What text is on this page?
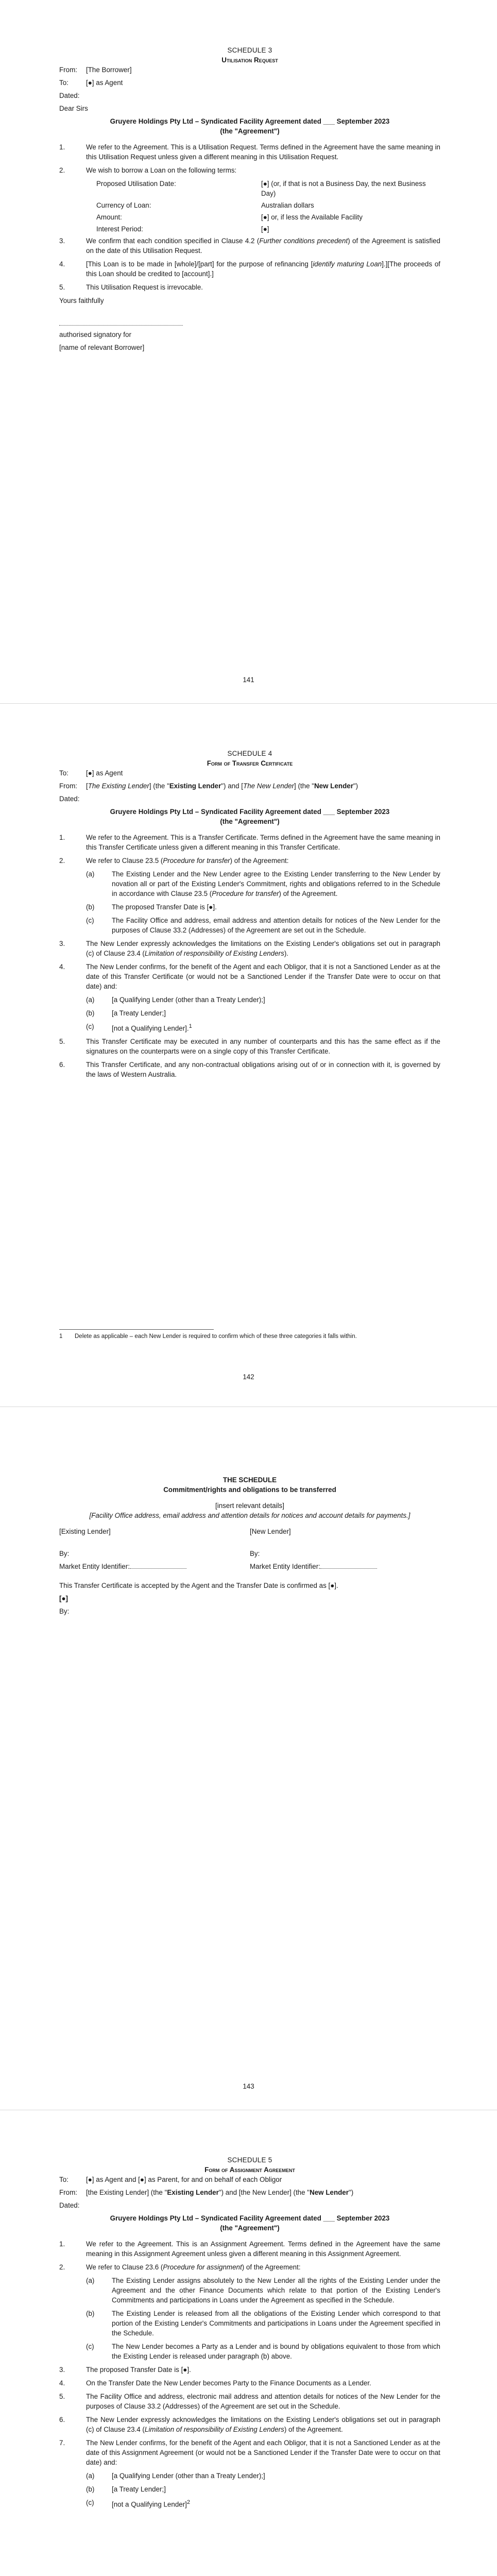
SCHEDULE 3
Utilisation Request
From: [The Borrower]
To:	[●] as Agent
Dated:
Dear Sirs
Gruyere Holdings Pty Ltd – Syndicated Facility Agreement dated ___ September 2023
(the "Agreement")
1.	We refer to the Agreement. This is a Utilisation Request. Terms defined in the Agreement have the same meaning in this Utilisation Request unless given a different meaning in this Utilisation Request.
2.	We wish to borrow a Loan on the following terms:
Proposed Utilisation Date:	[●] (or, if that is not a Business Day, the next Business Day)
Currency of Loan:	Australian dollars
Amount:	[●] or, if less the Available Facility
Interest Period:	[●]
3.	We confirm that each condition specified in Clause 4.2 (Further conditions precedent) of the Agreement is satisfied on the date of this Utilisation Request.
4.	[This Loan is to be made in [whole]/[part] for the purpose of refinancing [identify maturing Loan].][The proceeds of this Loan should be credited to [account].]
5.	This Utilisation Request is irrevocable.
Yours faithfully
authorised signatory for
[name of relevant Borrower]
141
SCHEDULE 4
Form of Transfer Certificate
To:	[●] as Agent
From: [The Existing Lender] (the "Existing Lender") and [The New Lender] (the "New Lender")
Dated:
Gruyere Holdings Pty Ltd – Syndicated Facility Agreement dated ___ September 2023
(the "Agreement")
1.	We refer to the Agreement. This is a Transfer Certificate. Terms defined in the Agreement have the same meaning in this Transfer Certificate unless given a different meaning in this Transfer Certificate.
2.	We refer to Clause 23.5 (Procedure for transfer) of the Agreement:
(a)	The Existing Lender and the New Lender agree to the Existing Lender transferring to the New Lender by novation all or part of the Existing Lender's Commitment, rights and obligations referred to in the Schedule in accordance with Clause 23.5 (Procedure for transfer) of the Agreement.
(b)	The proposed Transfer Date is [●].
(c)	The Facility Office and address, email address and attention details for notices of the New Lender for the purposes of Clause 33.2 (Addresses) of the Agreement are set out in the Schedule.
3.	The New Lender expressly acknowledges the limitations on the Existing Lender's obligations set out in paragraph (c) of Clause 23.4 (Limitation of responsibility of Existing Lenders).
4.	The New Lender confirms, for the benefit of the Agent and each Obligor, that it is not a Sanctioned Lender as at the date of this Transfer Certificate (or would not be a Sanctioned Lender if the Transfer Date were to occur on that date) and:
(a)	[a Qualifying Lender (other than a Treaty Lender);]
(b)	[a Treaty Lender;]
(c)	[not a Qualifying Lender].$^1$
5.	This Transfer Certificate may be executed in any number of counterparts and this has the same effect as if the signatures on the counterparts were on a single copy of this Transfer Certificate.
6.	This Transfer Certificate, and any non-contractual obligations arising out of or in connection with it, is governed by the laws of Western Australia.
1 Delete as applicable – each New Lender is required to confirm which of these three categories it falls within.
142
THE SCHEDULE
Commitment/rights and obligations to be transferred
[insert relevant details]
[Facility Office address, email address and attention details for notices and account details for payments.]
[Existing Lender]	[New Lender]
By:	By:
Market Entity Identifier:	Market Entity Identifier:
This Transfer Certificate is accepted by the Agent and the Transfer Date is confirmed as [●].
[●]
By:
143
SCHEDULE 5
Form of Assignment Agreement
To:	[●] as Agent and [●] as Parent, for and on behalf of each Obligor
From: [the Existing Lender] (the "Existing Lender") and [the New Lender] (the "New Lender")
Dated:
Gruyere Holdings Pty Ltd – Syndicated Facility Agreement dated ___ September 2023
(the "Agreement")
1.	We refer to the Agreement. This is an Assignment Agreement. Terms defined in the Agreement have the same meaning in this Assignment Agreement unless given a different meaning in this Assignment Agreement.
2.	We refer to Clause 23.6 (Procedure for assignment) of the Agreement:
(a)	The Existing Lender assigns absolutely to the New Lender all the rights of the Existing Lender under the Agreement and the other Finance Documents which relate to that portion of the Existing Lender's Commitments and participations in Loans under the Agreement as specified in the Schedule.
(b)	The Existing Lender is released from all the obligations of the Existing Lender which correspond to that portion of the Existing Lender's Commitments and participations in Loans under the Agreement specified in the Schedule.
(c)	The New Lender becomes a Party as a Lender and is bound by obligations equivalent to those from which the Existing Lender is released under paragraph (b) above.
3.	The proposed Transfer Date is [●].
4.	On the Transfer Date the New Lender becomes Party to the Finance Documents as a Lender.
5.	The Facility Office and address, electronic mail address and attention details for notices of the New Lender for the purposes of Clause 33.2 (Addresses) of the Agreement are set out in the Schedule.
6.	The New Lender expressly acknowledges the limitations on the Existing Lender's obligations set out in paragraph (c) of Clause 23.4 (Limitation of responsibility of Existing Lenders) of the Agreement.
7.	The New Lender confirms, for the benefit of the Agent and each Obligor, that it is not a Sanctioned Lender as at the date of this Assignment Agreement (or would not be a Sanctioned Lender if the Transfer Date were to occur on that date) and:
(a)	[a Qualifying Lender (other than a Treaty Lender);]
(b)	[a Treaty Lender;]
(c)	[not a Qualifying Lender]$^2$
